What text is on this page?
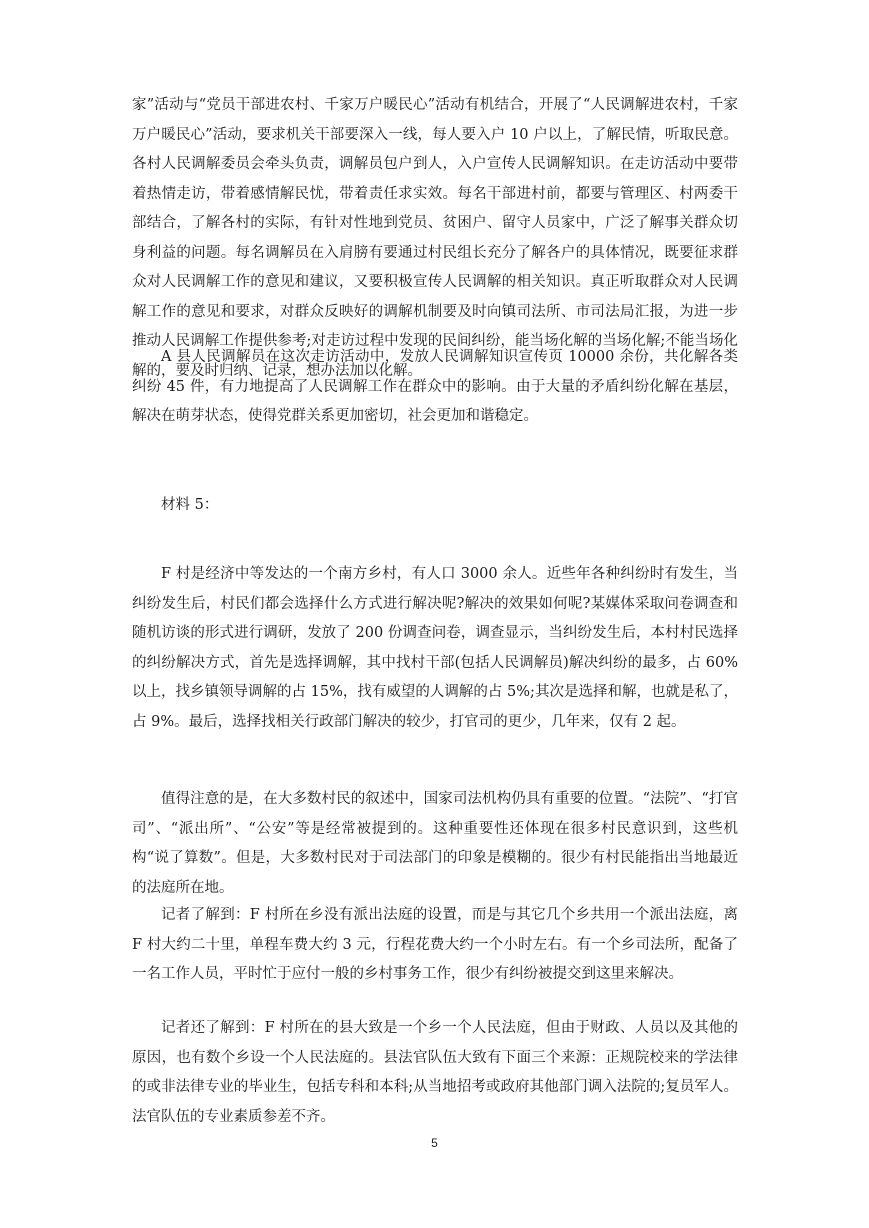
家”活动与“党员干部进农村、千家万户暖民心”活动有机结合，开展了“人民调解进农村，千家万户暖民心”活动，要求机关干部要深入一线，每人要入户 10 户以上，了解民情，听取民意。各村人民调解委员会牵头负责，调解员包户到人，入户宣传人民调解知识。在走访活动中要带着热情走访，带着感情解民忧，带着责任求实效。每名干部进村前，都要与管理区、村两委干部结合，了解各村的实际，有针对性地到党员、贫困户、留守人员家中，广泛了解事关群众切身利益的问题。每名调解员在入肩膀有要通过村民组长充分了解各户的具体情况，既要征求群众对人民调解工作的意见和建议，又要积极宣传人民调解的相关知识。真正听取群众对人民调解工作的意见和要求，对群众反映好的调解机制要及时向镇司法所、市司法局汇报，为进一步推动人民调解工作提供参考;对走访过程中发现的民间纠纷，能当场化解的当场化解;不能当场化解的，要及时归纳、记录，想办法加以化解。

A 县人民调解员在这次走访活动中，发放人民调解知识宣传页 10000 余份，共化解各类纠纷 45 件，有力地提高了人民调解工作在群众中的影响。由于大量的矛盾纠纷化解在基层，解决在萌芽状态，使得党群关系更加密切，社会更加和谐稳定。

材料 5：

F 村是经济中等发达的一个南方乡村，有人口 3000 余人。近些年各种纠纷时有发生，当纠纷发生后，村民们都会选择什么方式进行解决呢?解决的效果如何呢?某媒体采取问卷调查和随机访谈的形式进行调研，发放了 200 份调查问卷，调查显示，当纠纷发生后，本村村民选择的纠纷解决方式，首先是选择调解，其中找村干部(包括人民调解员)解决纠纷的最多，占 60%以上，找乡镇领导调解的占 15%，找有威望的人调解的占 5%;其次是选择和解，也就是私了，占 9%。最后，选择找相关行政部门解决的较少，打官司的更少，几年来，仅有 2 起。

值得注意的是，在大多数村民的叙述中，国家司法机构仍具有重要的位置。“法院”、“打官司”、“派出所”、“公安”等是经常被提到的。这种重要性还体现在很多村民意识到，这些机构“说了算数”。但是，大多数村民对于司法部门的印象是模糊的。很少有村民能指出当地最近的法庭所在地。

记者了解到：F 村所在乡没有派出法庭的设置，而是与其它几个乡共用一个派出法庭，离 F 村大约二十里，单程车费大约 3 元，行程花费大约一个小时左右。有一个乡司法所，配备了一名工作人员，平时忙于应付一般的乡村事务工作，很少有纠纷被提交到这里来解决。

记者还了解到：F 村所在的县大致是一个乡一个人民法庭，但由于财政、人员以及其他的原因，也有数个乡设一个人民法庭的。县法官队伍大致有下面三个来源：正规院校来的学法律的或非法律专业的毕业生，包括专科和本科;从当地招考或政府其他部门调入法院的;复员军人。法官队伍的专业素质参差不齐。

5
